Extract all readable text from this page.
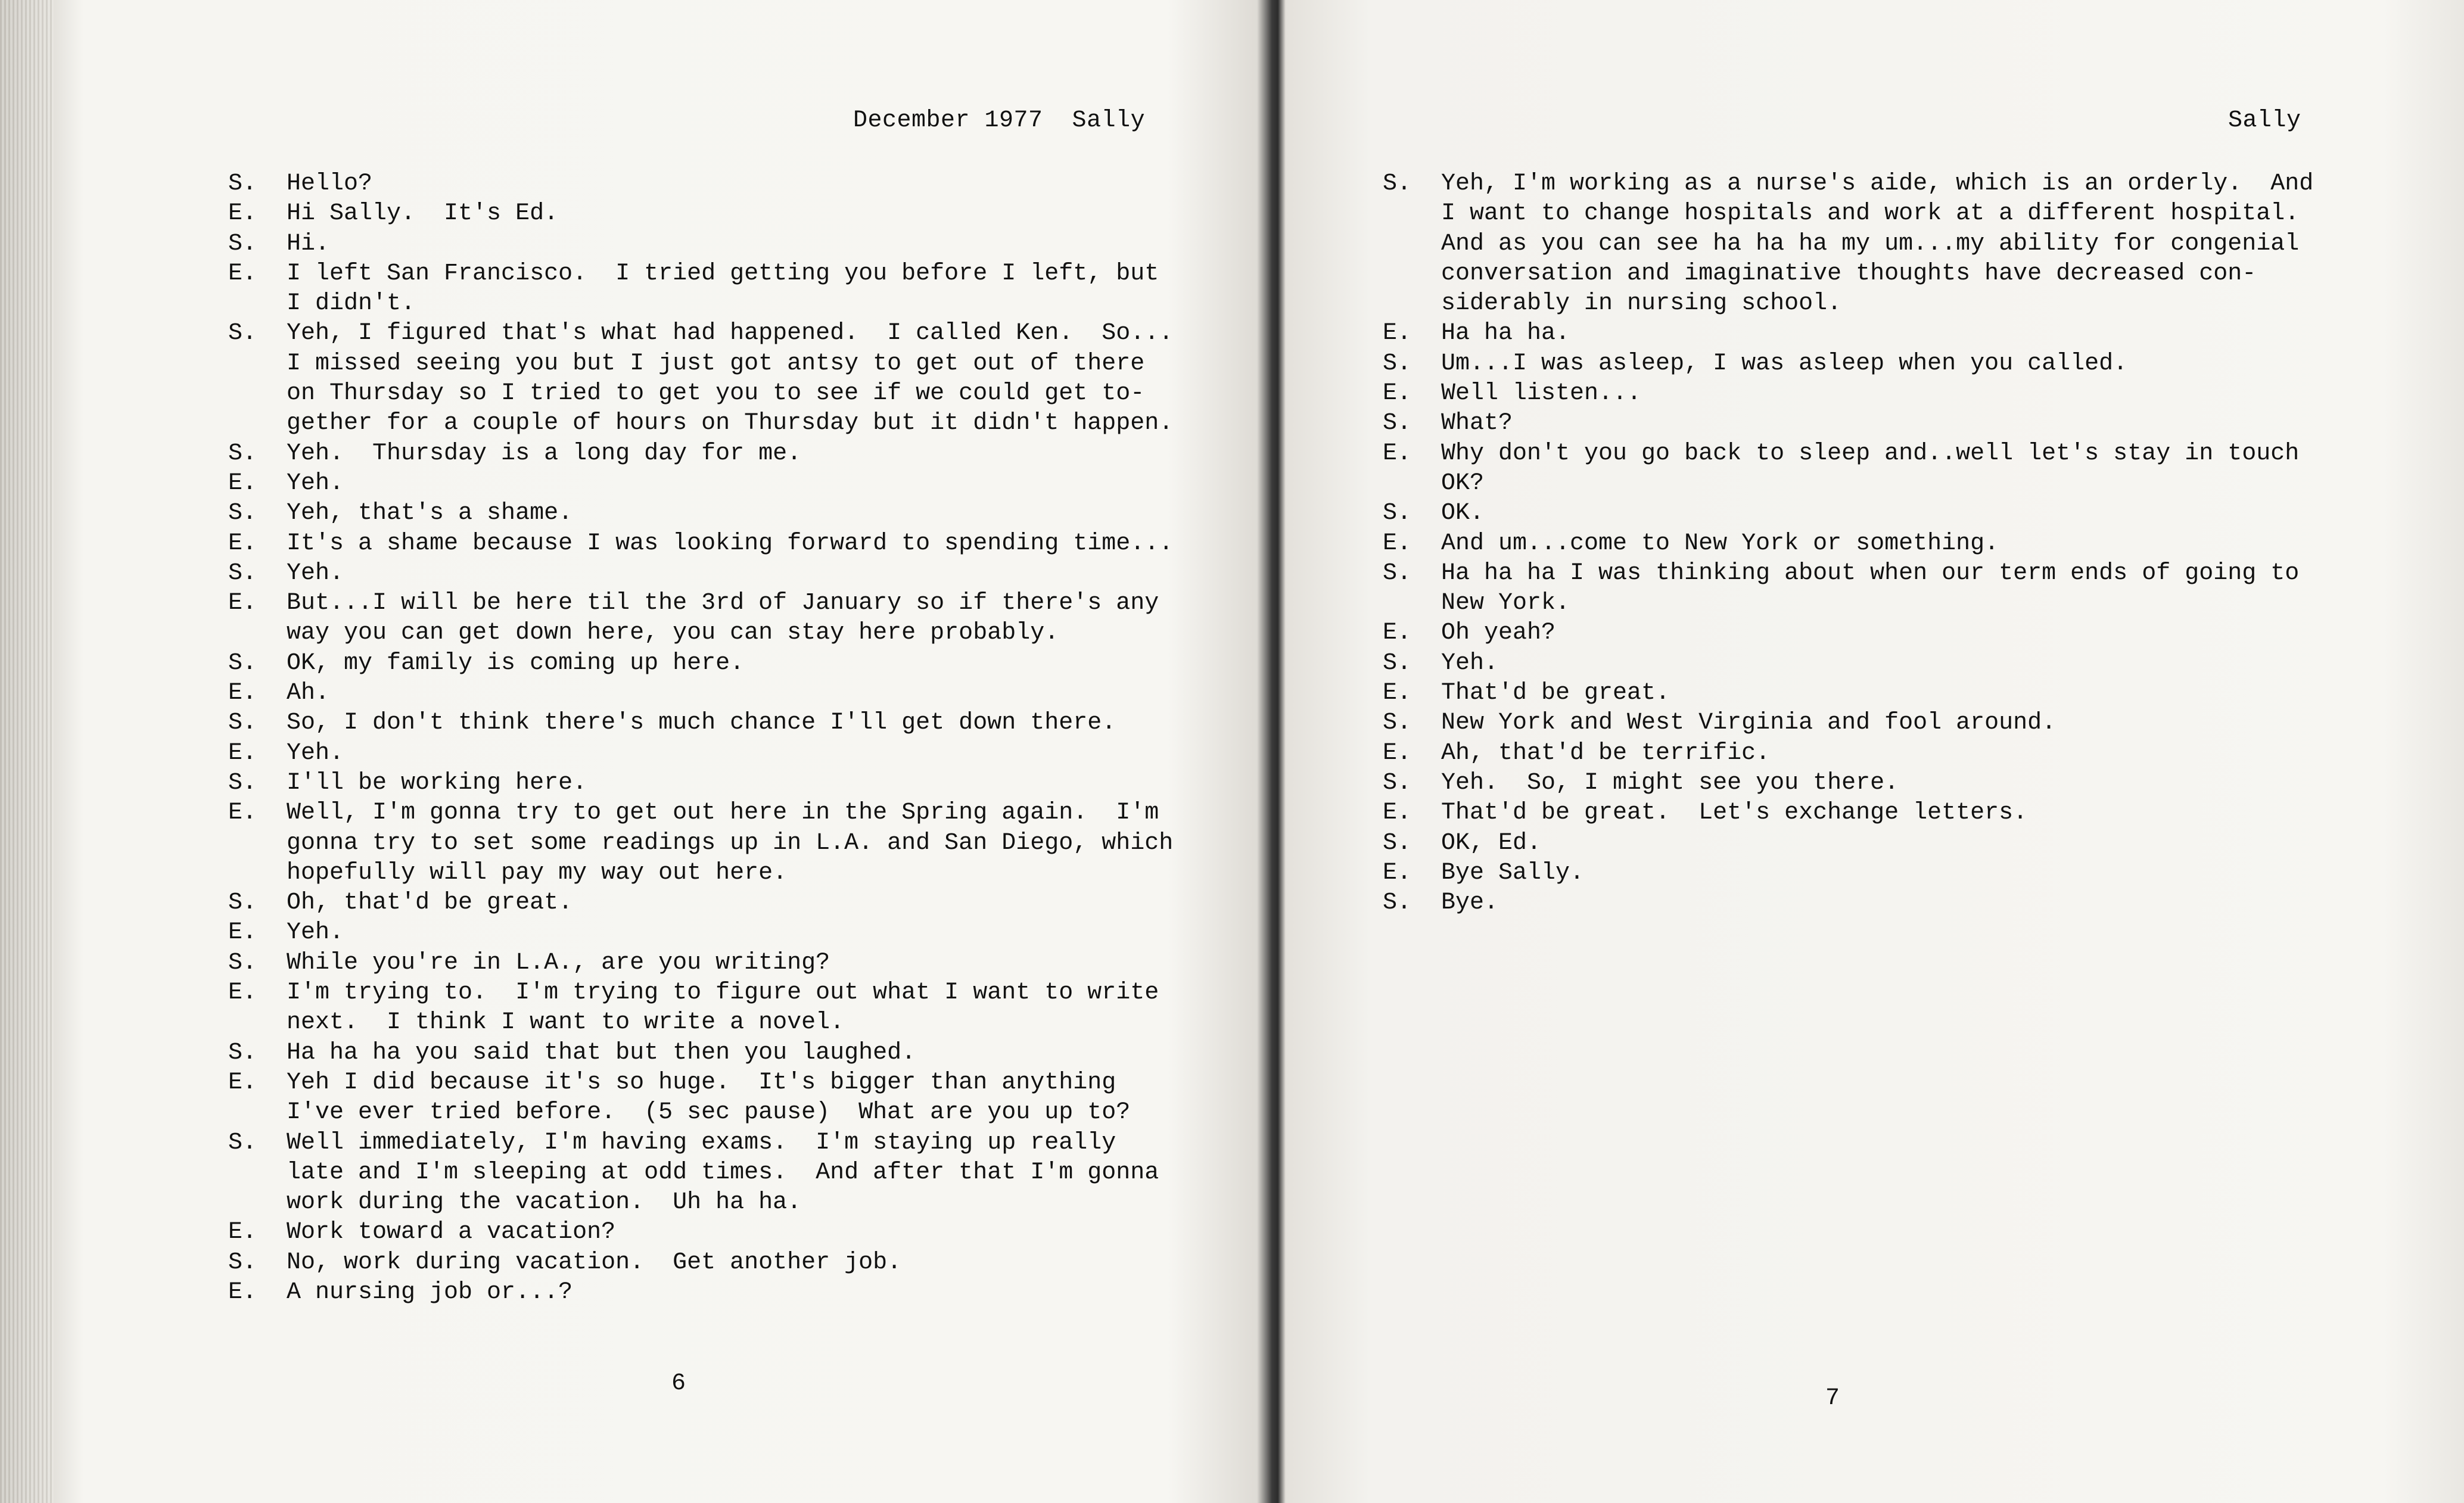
December 1977  Sally
S.	Hello?
E.	Hi Sally.  It's Ed.
S.	Hi.
E.	I left San Francisco.  I tried getting you before I left, but
I didn't.
S.	Yeh, I figured that's what had happened.  I called Ken.  So...
I missed seeing you but I just got antsy to get out of there
on Thursday so I tried to get you to see if we could get to-
gether for a couple of hours on Thursday but it didn't happen.
S.	Yeh.  Thursday is a long day for me.
E.	Yeh.
S.	Yeh, that's a shame.
E.	It's a shame because I was looking forward to spending time...
S.	Yeh.
E.	But...I will be here til the 3rd of January so if there's any
way you can get down here, you can stay here probably.
S.	OK, my family is coming up here.
E.	Ah.
S.	So, I don't think there's much chance I'll get down there.
E.	Yeh.
S.	I'll be working here.
E.	Well, I'm gonna try to get out here in the Spring again.  I'm
gonna try to set some readings up in L.A. and San Diego, which
hopefully will pay my way out here.
S.	Oh, that'd be great.
E.	Yeh.
S.	While you're in L.A., are you writing?
E.	I'm trying to.  I'm trying to figure out what I want to write
next.  I think I want to write a novel.
S.	Ha ha ha you said that but then you laughed.
E.	Yeh I did because it's so huge.  It's bigger than anything
I've ever tried before.  (5 sec pause)  What are you up to?
S.	Well immediately, I'm having exams.  I'm staying up really
late and I'm sleeping at odd times.  And after that I'm gonna
work during the vacation.  Uh ha ha.
E.	Work toward a vacation?
S.	No, work during vacation.  Get another job.
E.	A nursing job or...?
6
Sally
S.	Yeh, I'm working as a nurse's aide, which is an orderly.  And
I want to change hospitals and work at a different hospital.
And as you can see ha ha ha my um...my ability for congenial
conversation and imaginative thoughts have decreased con-
siderably in nursing school.
E.	Ha ha ha.
S.	Um...I was asleep, I was asleep when you called.
E.	Well listen...
S.	What?
E.	Why don't you go back to sleep and..well let's stay in touch
OK?
S.	OK.
E.	And um...come to New York or something.
S.	Ha ha ha I was thinking about when our term ends of going to
New York.
E.	Oh yeah?
S.	Yeh.
E.	That'd be great.
S.	New York and West Virginia and fool around.
E.	Ah, that'd be terrific.
S.	Yeh.  So, I might see you there.
E.	That'd be great.  Let's exchange letters.
S.	OK, Ed.
E.	Bye Sally.
S.	Bye.
7
